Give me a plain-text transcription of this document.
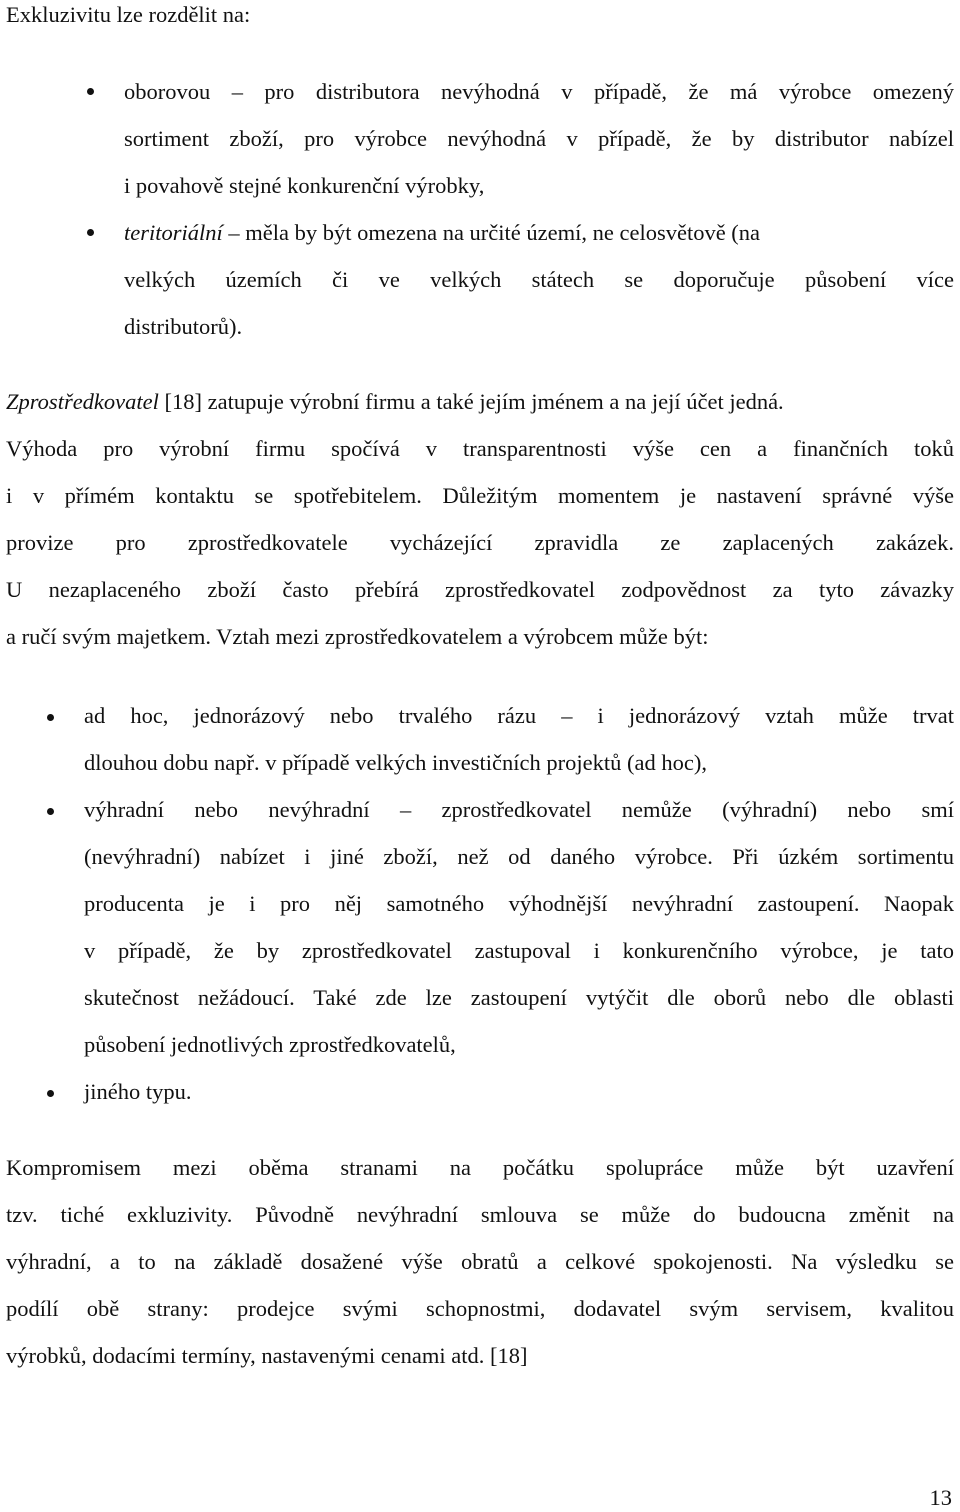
Exkluzivitu lze rozdělit na:
oborovou – pro distributora nevýhodná v případě, že má výrobce omezený
sortiment zboží, pro výrobce nevýhodná v případě, že by distributor nabízel
i povahově stejné konkurenční výrobky,
teritoriální – měla by být omezena na určité území, ne celosvětově (na
velkých územích či ve velkých státech se doporučuje působení více
distributorů).
Zprostředkovatel [18] zatupuje výrobní firmu a také jejím jménem a na její účet jedná.
Výhoda pro výrobní firmu spočívá v transparentnosti výše cen a finančních toků
i v přímém kontaktu se spotřebitelem. Důležitým momentem je nastavení správné výše
provize pro zprostředkovatele vycházející zpravidla ze zaplacených zakázek.
U nezaplaceného zboží často přebírá zprostředkovatel zodpovědnost za tyto závazky
a ručí svým majetkem. Vztah mezi zprostředkovatelem a výrobcem může být:
ad hoc, jednorázový nebo trvalého rázu – i jednorázový vztah může trvat
dlouhou dobu např. v případě velkých investičních projektů (ad hoc),
výhradní nebo nevýhradní – zprostředkovatel nemůže (výhradní) nebo smí
(nevýhradní) nabízet i jiné zboží, než od daného výrobce. Při úzkém sortimentu
producenta je i pro něj samotného výhodnější nevýhradní zastoupení. Naopak
v případě, že by zprostředkovatel zastupoval i konkurenčního výrobce, je tato
skutečnost nežádoucí. Také zde lze zastoupení vytýčit dle oborů nebo dle oblasti
působení jednotlivých zprostředkovatelů,
jiného typu.
Kompromisem mezi oběma stranami na počátku spolupráce může být uzavření
tzv. tiché exkluzivity. Původně nevýhradní smlouva se může do budoucna změnit na
výhradní, a to na základě dosažené výše obratů a celkové spokojenosti. Na výsledku se
podílí obě strany: prodejce svými schopnostmi, dodavatel svým servisem, kvalitou
výrobků, dodacími termíny, nastavenými cenami atd. [18]
13
